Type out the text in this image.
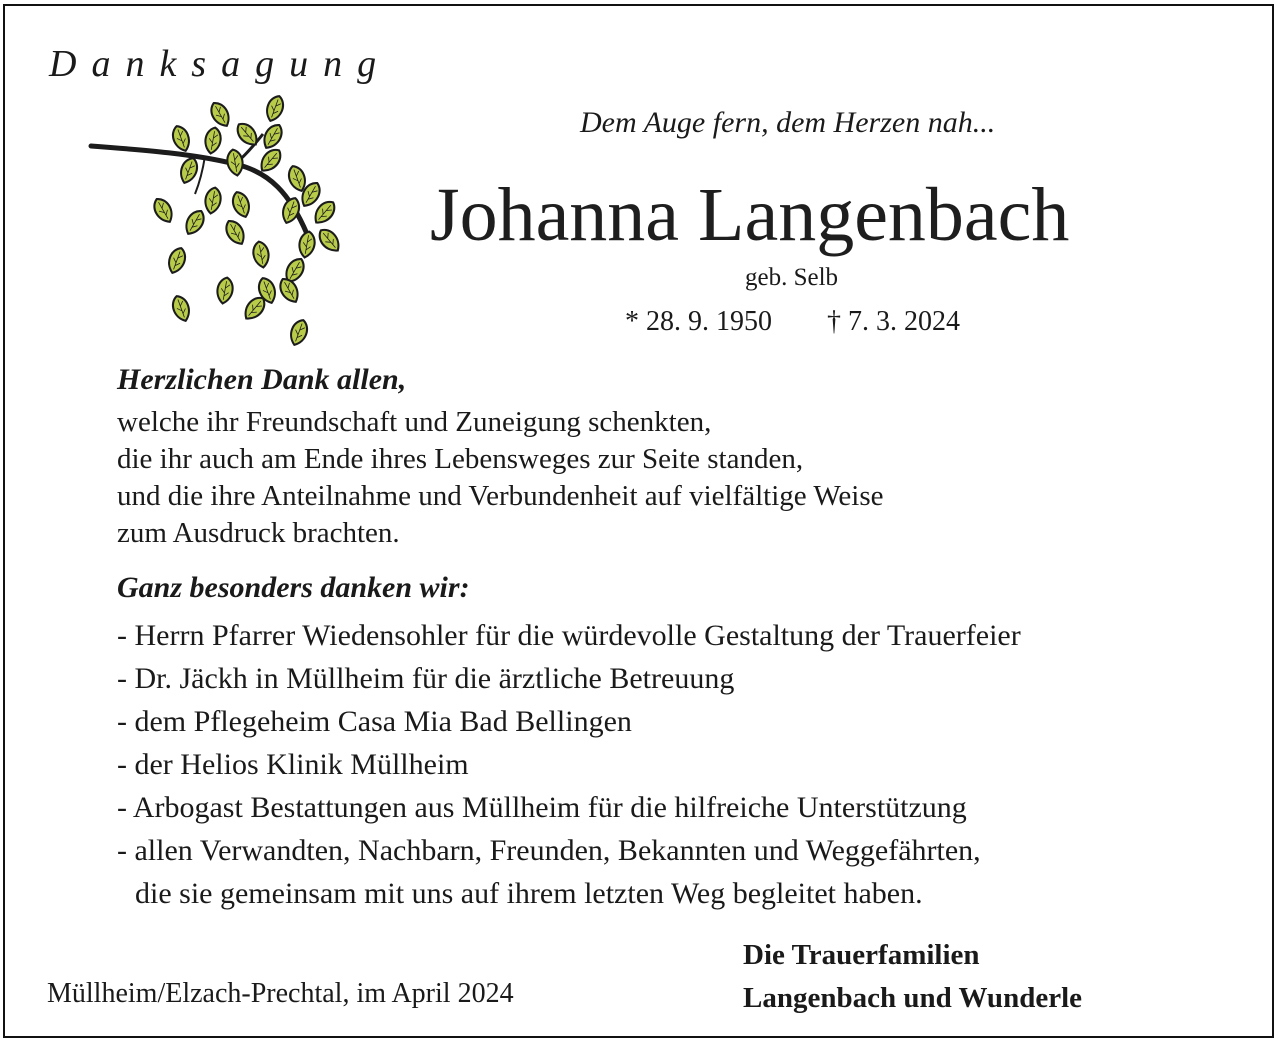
Danksagung
Dem Auge fern, dem Herzen nah...
Johanna Langenbach
geb. Selb
* 28. 9. 1950 † 7. 3. 2024
Herzlichen Dank allen,
welche ihr Freundschaft und Zuneigung schenkten,
die ihr auch am Ende ihres Lebensweges zur Seite standen,
und die ihre Anteilnahme und Verbundenheit auf vielfältige Weise
zum Ausdruck brachten.
Ganz besonders danken wir:
- Herrn Pfarrer Wiedensohler für die würdevolle Gestaltung der Trauerfeier
- Dr. Jäckh in Müllheim für die ärztliche Betreuung
- dem Pflegeheim Casa Mia Bad Bellingen
- der Helios Klinik Müllheim
- Arbogast Bestattungen aus Müllheim für die hilfreiche Unterstützung
- allen Verwandten, Nachbarn, Freunden, Bekannten und Weggefährten,
die sie gemeinsam mit uns auf ihrem letzten Weg begleitet haben.
Müllheim/Elzach-Prechtal, im April 2024
Die Trauerfamilien
Langenbach und Wunderle
